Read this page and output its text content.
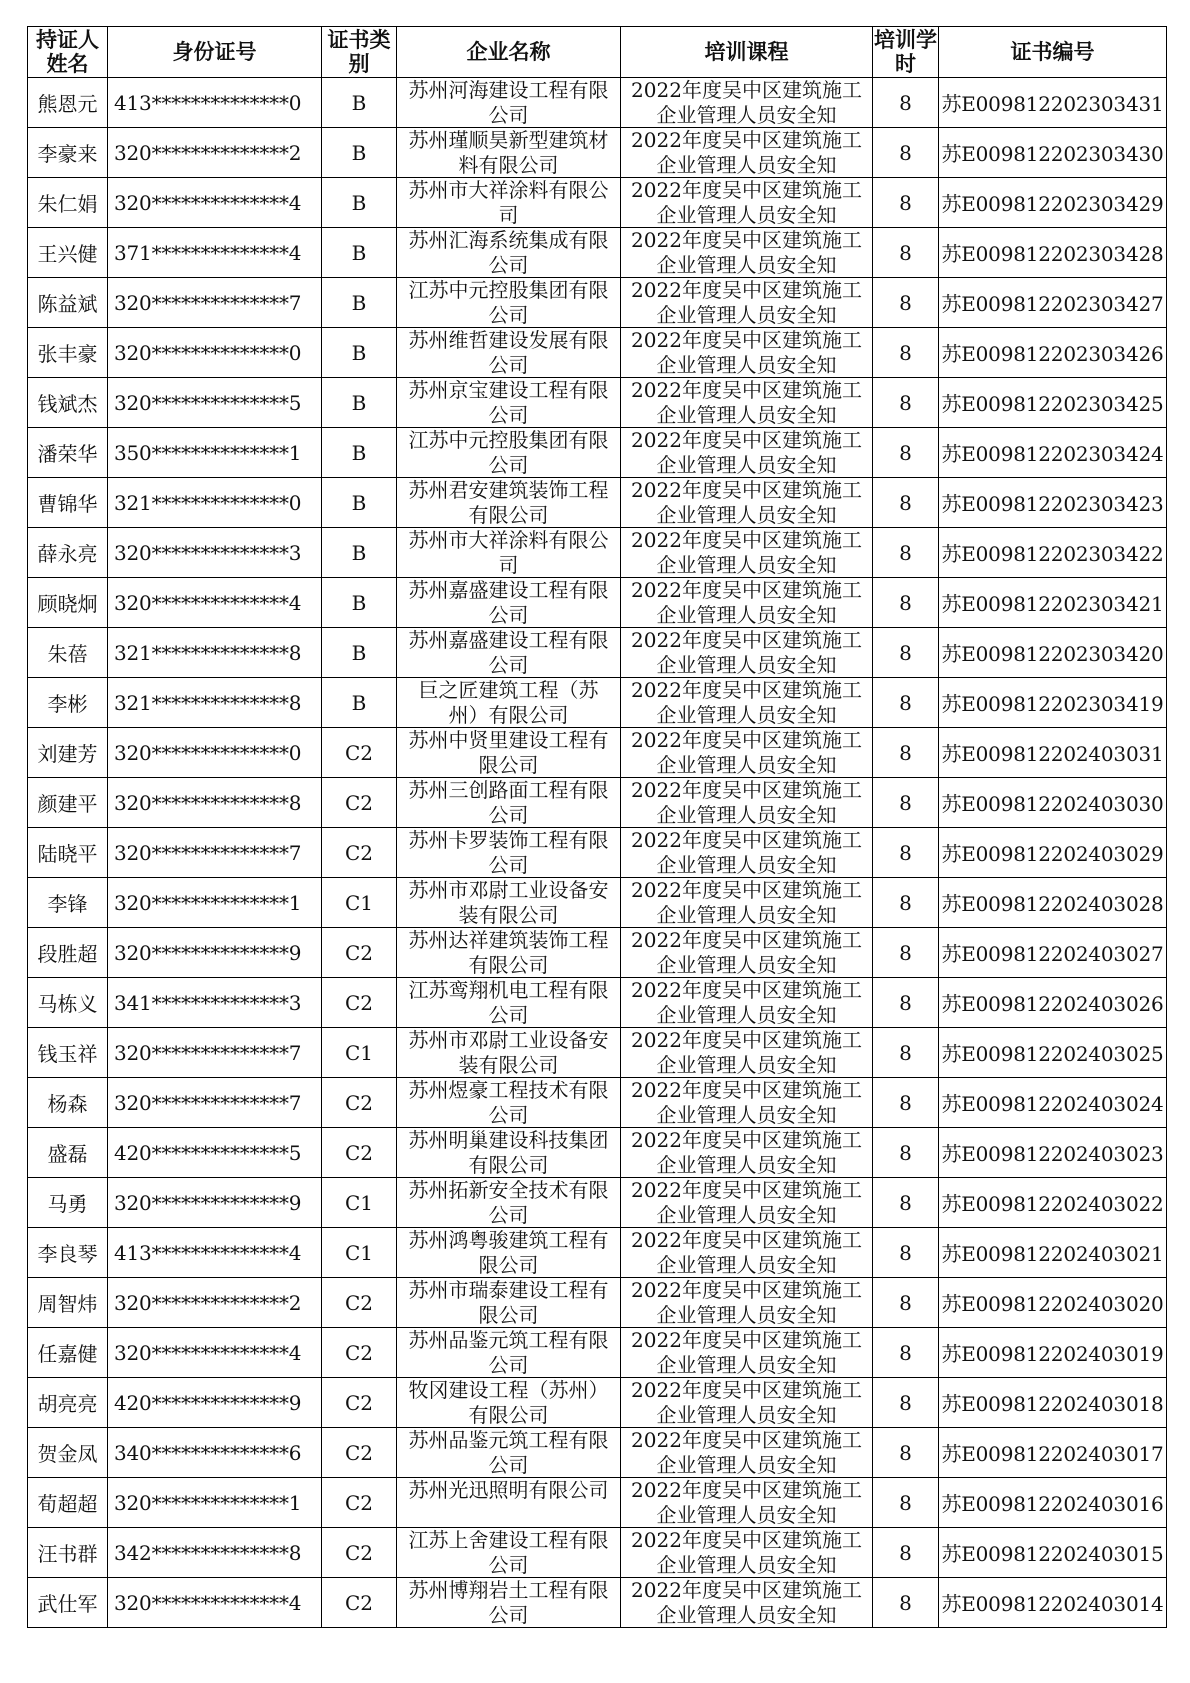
持证人姓名	身份证号	证书类别	企业名称	培训课程	培训学时	证书编号
熊恩元	413**************0	B	苏州河海建设工程有限公司	2022年度吴中区建筑施工企业管理人员安全知	8	苏E009812202303431
李豪来	320**************2	B	苏州瑾顺昊新型建筑材料有限公司	2022年度吴中区建筑施工企业管理人员安全知	8	苏E009812202303430
朱仁娟	320**************4	B	苏州市大祥涂料有限公司	2022年度吴中区建筑施工企业管理人员安全知	8	苏E009812202303429
王兴健	371**************4	B	苏州汇海系统集成有限公司	2022年度吴中区建筑施工企业管理人员安全知	8	苏E009812202303428
陈益斌	320**************7	B	江苏中元控股集团有限公司	2022年度吴中区建筑施工企业管理人员安全知	8	苏E009812202303427
张丰豪	320**************0	B	苏州维哲建设发展有限公司	2022年度吴中区建筑施工企业管理人员安全知	8	苏E009812202303426
钱斌杰	320**************5	B	苏州京宝建设工程有限公司	2022年度吴中区建筑施工企业管理人员安全知	8	苏E009812202303425
潘荣华	350**************1	B	江苏中元控股集团有限公司	2022年度吴中区建筑施工企业管理人员安全知	8	苏E009812202303424
曹锦华	321**************0	B	苏州君安建筑装饰工程有限公司	2022年度吴中区建筑施工企业管理人员安全知	8	苏E009812202303423
薛永亮	320**************3	B	苏州市大祥涂料有限公司	2022年度吴中区建筑施工企业管理人员安全知	8	苏E009812202303422
顾晓炯	320**************4	B	苏州嘉盛建设工程有限公司	2022年度吴中区建筑施工企业管理人员安全知	8	苏E009812202303421
朱蓓	321**************8	B	苏州嘉盛建设工程有限公司	2022年度吴中区建筑施工企业管理人员安全知	8	苏E009812202303420
李彬	321**************8	B	巨之匠建筑工程（苏州）有限公司	2022年度吴中区建筑施工企业管理人员安全知	8	苏E009812202303419
刘建芳	320**************0	C2	苏州中贤里建设工程有限公司	2022年度吴中区建筑施工企业管理人员安全知	8	苏E009812202403031
颜建平	320**************8	C2	苏州三创路面工程有限公司	2022年度吴中区建筑施工企业管理人员安全知	8	苏E009812202403030
陆晓平	320**************7	C2	苏州卡罗装饰工程有限公司	2022年度吴中区建筑施工企业管理人员安全知	8	苏E009812202403029
李锋	320**************1	C1	苏州市邓尉工业设备安装有限公司	2022年度吴中区建筑施工企业管理人员安全知	8	苏E009812202403028
段胜超	320**************9	C2	苏州达祥建筑装饰工程有限公司	2022年度吴中区建筑施工企业管理人员安全知	8	苏E009812202403027
马栋义	341**************3	C2	江苏鸾翔机电工程有限公司	2022年度吴中区建筑施工企业管理人员安全知	8	苏E009812202403026
钱玉祥	320**************7	C1	苏州市邓尉工业设备安装有限公司	2022年度吴中区建筑施工企业管理人员安全知	8	苏E009812202403025
杨森	320**************7	C2	苏州煜豪工程技术有限公司	2022年度吴中区建筑施工企业管理人员安全知	8	苏E009812202403024
盛磊	420**************5	C2	苏州明巢建设科技集团有限公司	2022年度吴中区建筑施工企业管理人员安全知	8	苏E009812202403023
马勇	320**************9	C1	苏州拓新安全技术有限公司	2022年度吴中区建筑施工企业管理人员安全知	8	苏E009812202403022
李良琴	413**************4	C1	苏州鸿粤骏建筑工程有限公司	2022年度吴中区建筑施工企业管理人员安全知	8	苏E009812202403021
周智炜	320**************2	C2	苏州市瑞泰建设工程有限公司	2022年度吴中区建筑施工企业管理人员安全知	8	苏E009812202403020
任嘉健	320**************4	C2	苏州品鉴元筑工程有限公司	2022年度吴中区建筑施工企业管理人员安全知	8	苏E009812202403019
胡亮亮	420**************9	C2	牧冈建设工程（苏州）有限公司	2022年度吴中区建筑施工企业管理人员安全知	8	苏E009812202403018
贺金凤	340**************6	C2	苏州品鉴元筑工程有限公司	2022年度吴中区建筑施工企业管理人员安全知	8	苏E009812202403017
荀超超	320**************1	C2	苏州光迅照明有限公司	2022年度吴中区建筑施工企业管理人员安全知	8	苏E009812202403016
汪书群	342**************8	C2	江苏上舍建设工程有限公司	2022年度吴中区建筑施工企业管理人员安全知	8	苏E009812202403015
武仕军	320**************4	C2	苏州博翔岩土工程有限公司	2022年度吴中区建筑施工企业管理人员安全知	8	苏E009812202403014
